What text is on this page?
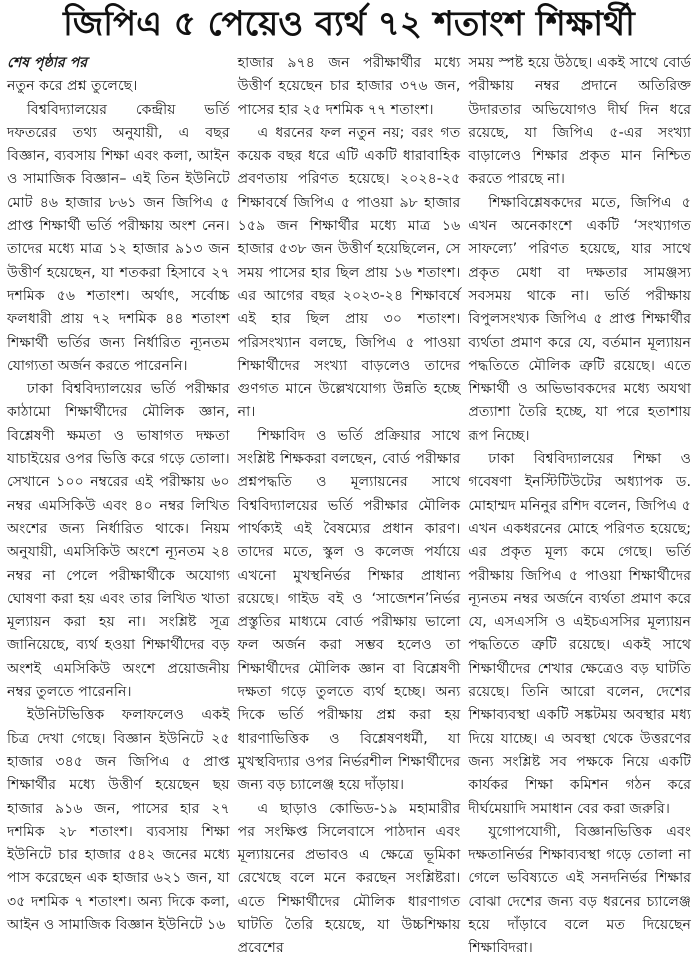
জিপিএ ৫ পেয়েও ব্যর্থ ৭২ শতাংশ শিক্ষার্থী
শেষ পৃষ্ঠার পর

নতুন করে প্রশ্ন তুলেছে।

বিশ্ববিদ্যালয়ের কেন্দ্রীয় ভর্তি দফতরের তথ্য অনুযায়ী, এ বছর বিজ্ঞান, ব্যবসায় শিক্ষা এবং কলা, আইন ও সামাজিক বিজ্ঞান– এই তিন ইউনিটে মোট ৪৬ হাজার ৮৬১ জন জিপিএ ৫ প্রাপ্ত শিক্ষার্থী ভর্তি পরীক্ষায় অংশ নেন। তাদের মধ্যে মাত্র ১২ হাজার ৯১৩ জন উত্তীর্ণ হয়েছেন, যা শতকরা হিসাবে ২৭ দশমিক ৫৬ শতাংশ। অর্থাৎ, সর্বোচ্চ ফলধারী প্রায় ৭২ দশমিক ৪৪ শতাংশ শিক্ষার্থী ভর্তির জন্য নির্ধারিত ন্যূনতম যোগ্যতা অর্জন করতে পারেননি।

ঢাকা বিশ্ববিদ্যালয়ের ভর্তি পরীক্ষার কাঠামো শিক্ষার্থীদের মৌলিক জ্ঞান, বিশ্লেষণী ক্ষমতা ও ভাষাগত দক্ষতা যাচাইয়ের ওপর ভিত্তি করে গড়ে তোলা। সেখানে ১০০ নম্বরের এই পরীক্ষায় ৬০ নম্বর এমসিকিউ এবং ৪০ নম্বর লিখিত অংশের জন্য নির্ধারিত থাকে। নিয়ম অনুযায়ী, এমসিকিউ অংশে ন্যূনতম ২৪ নম্বর না পেলে পরীক্ষার্থীকে অযোগ্য ঘোষণা করা হয় এবং তার লিখিত খাতা মূল্যায়ন করা হয় না। সংশ্লিষ্ট সূত্র জানিয়েছে, ব্যর্থ হওয়া শিক্ষার্থীদের বড় অংশই এমসিকিউ অংশে প্রয়োজনীয় নম্বর তুলতে পারেননি।

ইউনিটভিত্তিক ফলাফলেও একই চিত্র দেখা গেছে। বিজ্ঞান ইউনিটে ২৫ হাজার ৩৪৫ জন জিপিএ ৫ প্রাপ্ত শিক্ষার্থীর মধ্যে উত্তীর্ণ হয়েছেন ছয় হাজার ৯১৬ জন, পাসের হার ২৭ দশমিক ২৮ শতাংশ। ব্যবসায় শিক্ষা ইউনিটে চার হাজার ৫৪২ জনের মধ্যে পাস করেছেন এক হাজার ৬২১ জন, যা ৩৫ দশমিক ৭ শতাংশ। অন্য দিকে কলা, আইন ও সামাজিক বিজ্ঞান ইউনিটে ১৬

হাজার ৯৭৪ জন পরীক্ষার্থীর মধ্যে উত্তীর্ণ হয়েছেন চার হাজার ৩৭৬ জন, পাসের হার ২৫ দশমিক ৭৭ শতাংশ।

এ ধরনের ফল নতুন নয়; বরং গত কয়েক বছর ধরে এটি একটি ধারাবাহিক প্রবণতায় পরিণত হয়েছে। ২০২৪-২৫ শিক্ষাবর্ষে জিপিএ ৫ পাওয়া ৯৮ হাজার ১৫৯ জন শিক্ষার্থীর মধ্যে মাত্র ১৬ হাজার ৫৩৮ জন উত্তীর্ণ হয়েছিলেন, সে সময় পাসের হার ছিল প্রায় ১৬ শতাংশ। এর আগের বছর ২০২৩-২৪ শিক্ষাবর্ষে এই হার ছিল প্রায় ৩০ শতাংশ। পরিসংখ্যান বলছে, জিপিএ ৫ পাওয়া শিক্ষার্থীদের সংখ্যা বাড়লেও তাদের গুণগত মানে উল্লেখযোগ্য উন্নতি হচ্ছে না।

শিক্ষাবিদ ও ভর্তি প্রক্রিয়ার সাথে সংশ্লিষ্ট শিক্ষকরা বলছেন, বোর্ড পরীক্ষার প্রশ্নপদ্ধতি ও মূল্যায়নের সাথে বিশ্ববিদ্যালয়ের ভর্তি পরীক্ষার মৌলিক পার্থক্যই এই বৈষম্যের প্রধান কারণ। তাদের মতে, স্কুল ও কলেজ পর্যায়ে এখনো মুখস্থনির্ভর শিক্ষার প্রাধান্য রয়েছে। গাইড বই ও ‘সাজেশন’নির্ভর প্রস্তুতির মাধ্যমে বোর্ড পরীক্ষায় ভালো ফল অর্জন করা সম্ভব হলেও তা শিক্ষার্থীদের মৌলিক জ্ঞান বা বিশ্লেষণী দক্ষতা গড়ে তুলতে ব্যর্থ হচ্ছে। অন্য দিকে ভর্তি পরীক্ষায় প্রশ্ন করা হয় ধারণাভিত্তিক ও বিশ্লেষণধর্মী, যা মুখস্থবিদ্যার ওপর নির্ভরশীল শিক্ষার্থীদের জন্য বড় চ্যালেঞ্জ হয়ে দাঁড়ায়।

এ ছাড়াও কোভিড-১৯ মহামারীর পর সংক্ষিপ্ত সিলেবাসে পাঠদান এবং মূল্যায়নের প্রভাবও এ ক্ষেত্রে ভূমিকা রেখেছে বলে মনে করছেন সংশ্লিষ্টরা। এতে শিক্ষার্থীদের মৌলিক ধারণাগত ঘাটতি তৈরি হয়েছে, যা উচ্চশিক্ষায় প্রবেশের

সময় স্পষ্ট হয়ে উঠছে। একই সাথে বোর্ড পরীক্ষায় নম্বর প্রদানে অতিরিক্ত উদারতার অভিযোগও দীর্ঘ দিন ধরে রয়েছে, যা জিপিএ ৫-এর সংখ্যা বাড়ালেও শিক্ষার প্রকৃত মান নিশ্চিত করতে পারছে না।

শিক্ষাবিশ্লেষকদের মতে, জিপিএ ৫ এখন অনেকাংশে একটি ‘সংখ্যাগত সাফল্যে’ পরিণত হয়েছে, যার সাথে প্রকৃত মেধা বা দক্ষতার সামঞ্জস্য সবসময় থাকে না। ভর্তি পরীক্ষায় বিপুলসংখ্যক জিপিএ ৫ প্রাপ্ত শিক্ষার্থীর ব্যর্থতা প্রমাণ করে যে, বর্তমান মূল্যায়ন পদ্ধতিতে মৌলিক ত্রুটি রয়েছে। এতে শিক্ষার্থী ও অভিভাবকদের মধ্যে অযথা প্রত্যাশা তৈরি হচ্ছে, যা পরে হতাশায় রূপ নিচ্ছে।

ঢাকা বিশ্ববিদ্যালয়ের শিক্ষা ও গবেষণা ইনস্টিটিউটের অধ্যাপক ড. মোহাম্মদ মনিনুর রশিদ বলেন, জিপিএ ৫ এখন একধরনের মোহে পরিণত হয়েছে; এর প্রকৃত মূল্য কমে গেছে। ভর্তি পরীক্ষায় জিপিএ ৫ পাওয়া শিক্ষার্থীদের ন্যূনতম নম্বর অর্জনে ব্যর্থতা প্রমাণ করে যে, এসএসসি ও এইচএসসির মূল্যায়ন পদ্ধতিতে ত্রুটি রয়েছে। একই সাথে শিক্ষার্থীদের শেখার ক্ষেত্রেও বড় ঘাটতি রয়েছে। তিনি আরো বলেন, দেশের শিক্ষাব্যবস্থা একটি সঙ্কটময় অবস্থার মধ্য দিয়ে যাচ্ছে। এ অবস্থা থেকে উত্তরণের জন্য সংশ্লিষ্ট সব পক্ষকে নিয়ে একটি কার্যকর শিক্ষা কমিশন গঠন করে দীর্ঘমেয়াদি সমাধান বের করা জরুরি।

যুগোপযোগী, বিজ্ঞানভিত্তিক এবং দক্ষতানির্ভর শিক্ষাব্যবস্থা গড়ে তোলা না গেলে ভবিষ্যতে এই সনদনির্ভর শিক্ষার বোঝা দেশের জন্য বড় ধরনের চ্যালেঞ্জ হয়ে দাঁড়াবে বলে মত দিয়েছেন শিক্ষাবিদরা।
